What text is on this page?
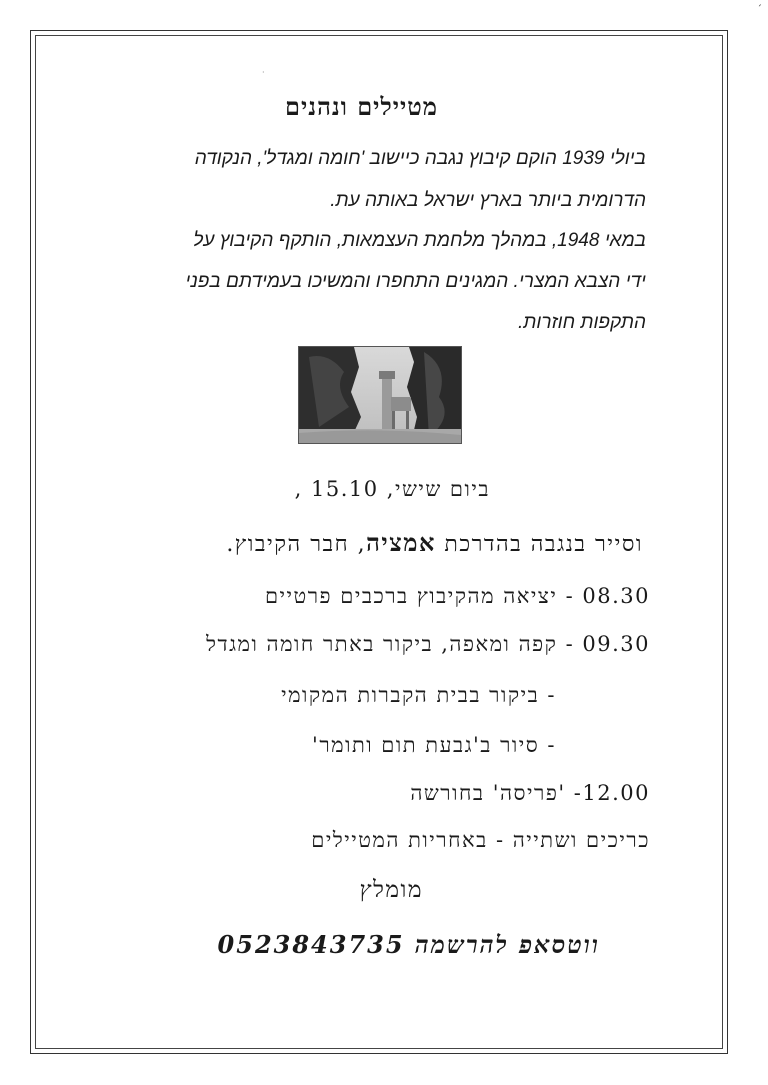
׳
·
מטיילים ונהנים
ביולי 1939 הוקם קיבוץ נגבה כיישוב 'חומה ומגדל', הנקודה
הדרומית ביותר בארץ ישראל באותה עת.
במאי 1948, במהלך מלחמת העצמאות, הותקף הקיבוץ על
ידי הצבא המצרי. המגינים התחפרו והמשיכו בעמידתם בפני
התקפות חוזרות.
ביום שישי, 15.10 ,
וסייר בנגבה בהדרכת אמציה, חבר הקיבוץ.
08.30 - יציאה מהקיבוץ ברכבים פרטיים
09.30 - קפה ומאפה, ביקור באתר חומה ומגדל
- ביקור בבית הקברות המקומי
- סיור ב'גבעת תום ותומר'
12.00- 'פריסה' בחורשה
כריכים ושתייה - באחריות המטיילים
מומלץ
ווטסאפ להרשמה 0523843735
